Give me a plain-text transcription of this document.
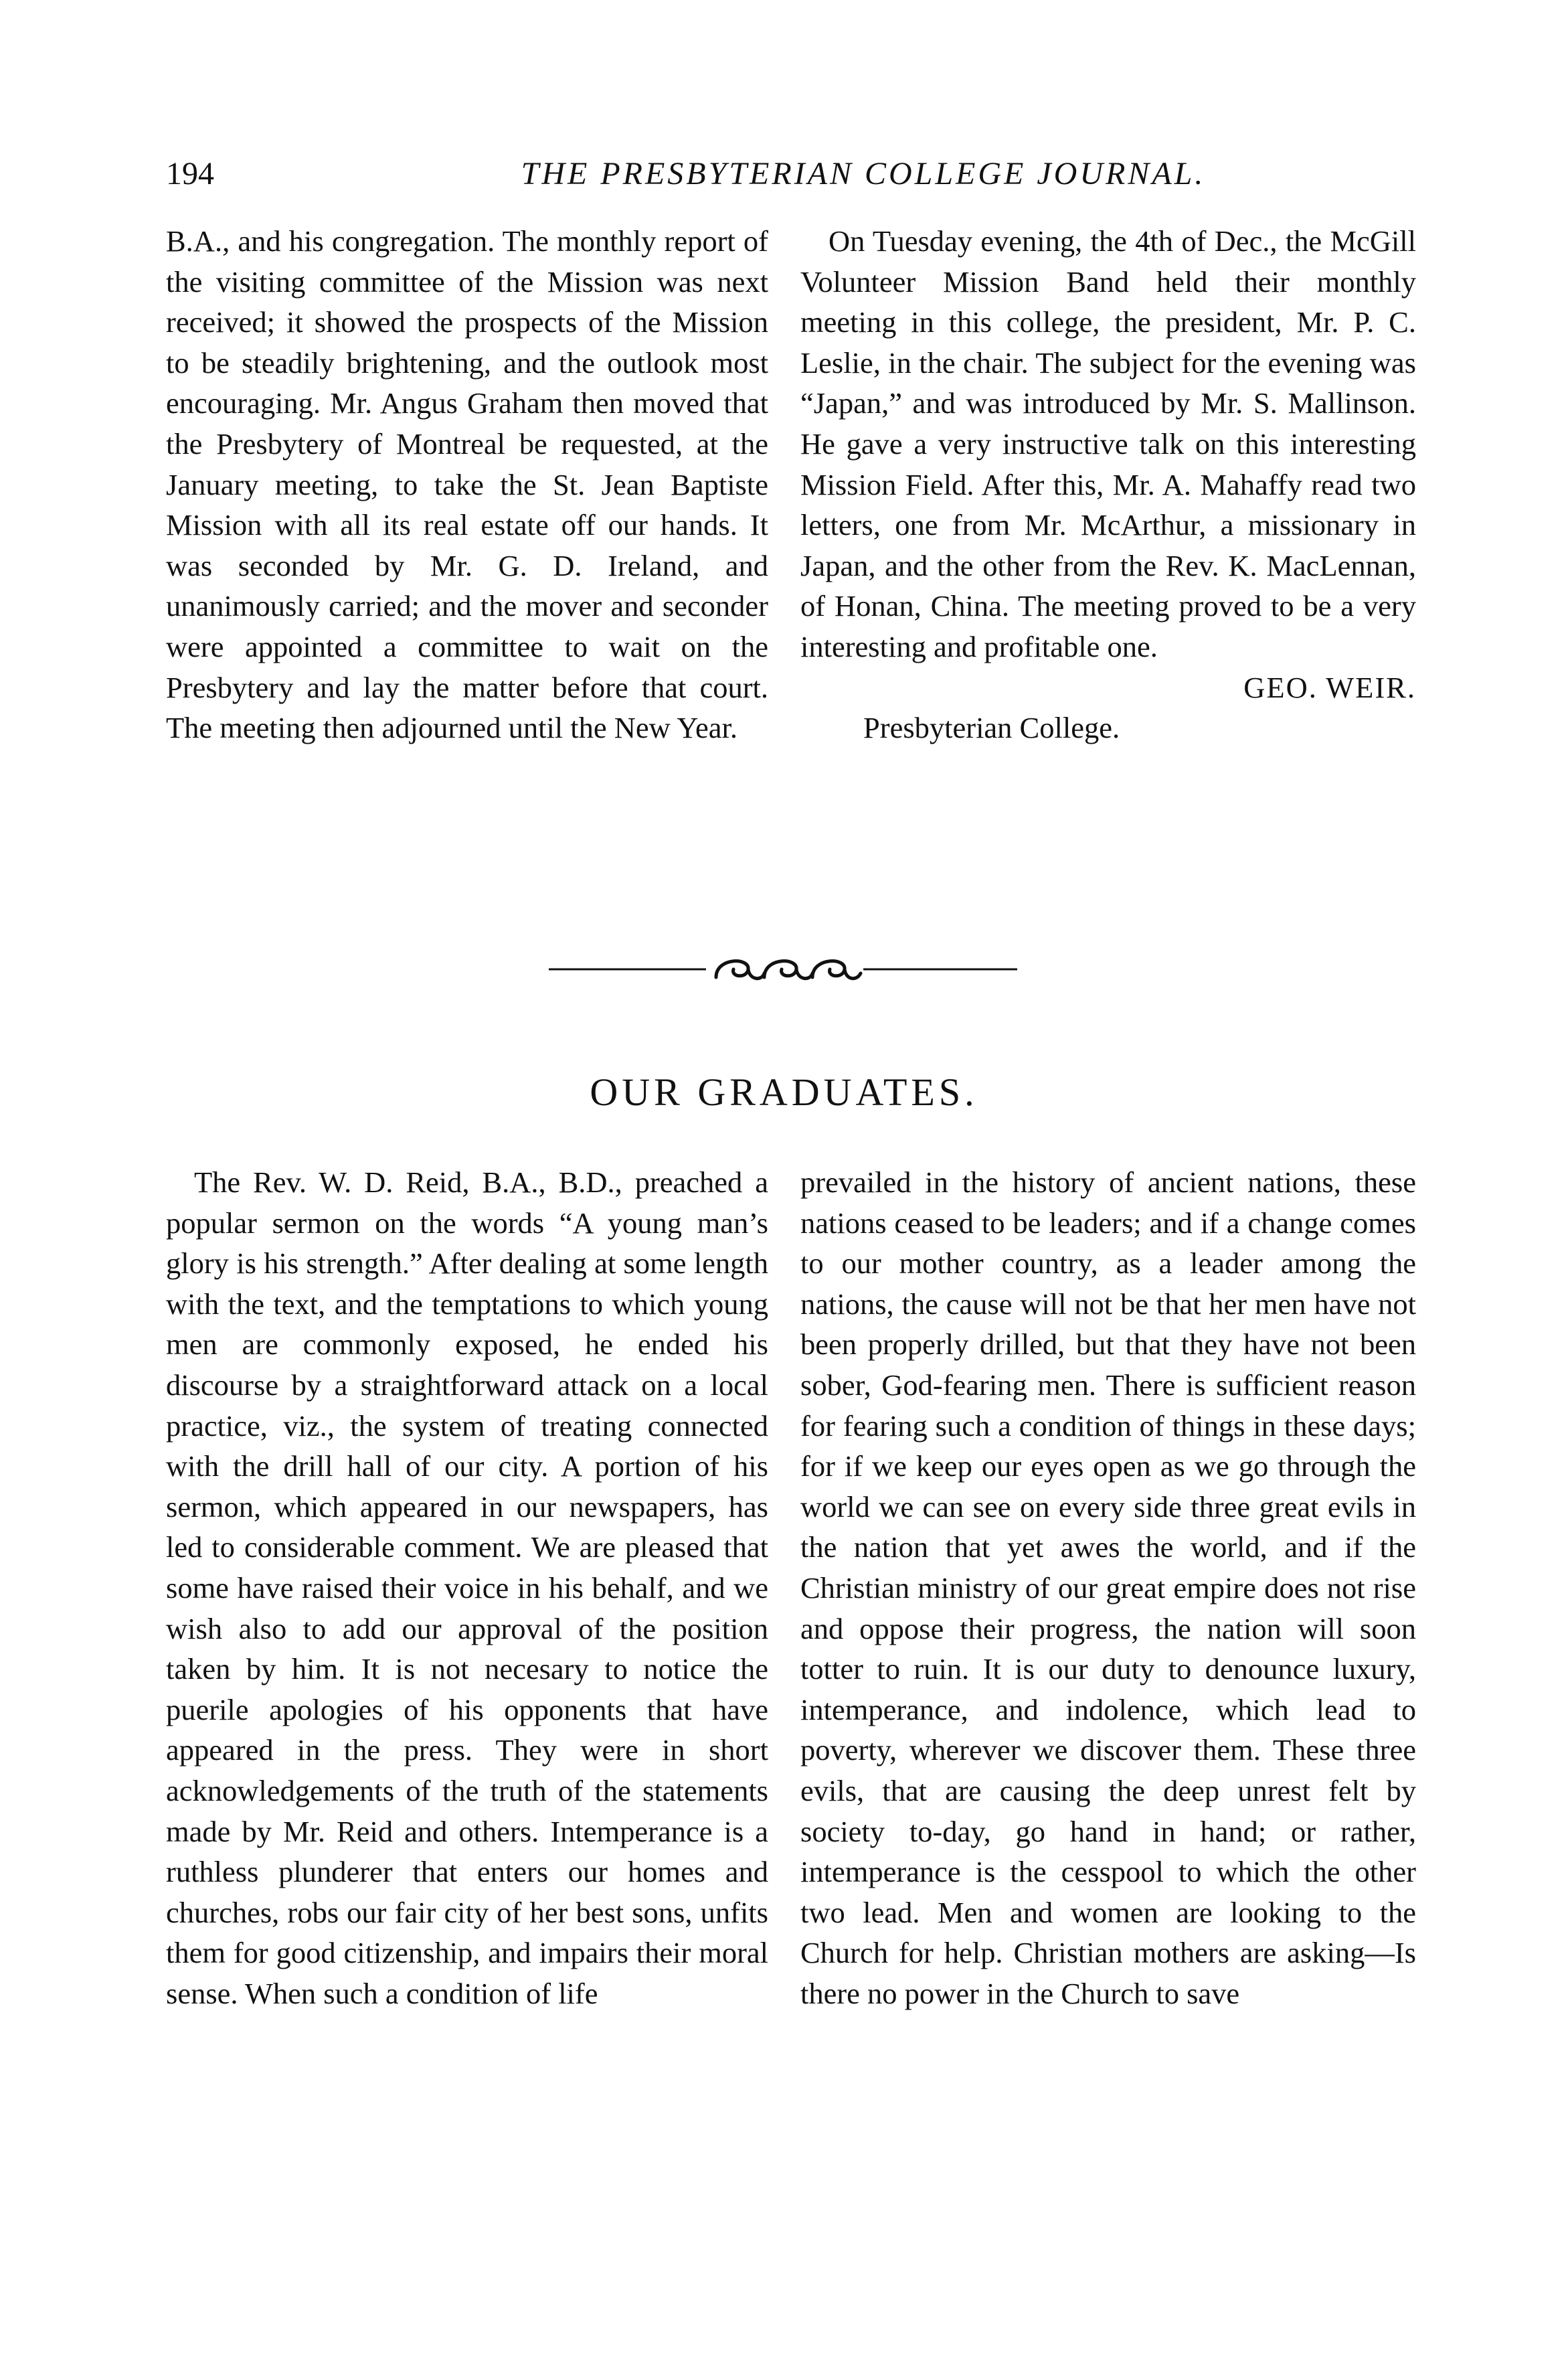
194	THE PRESBYTERIAN COLLEGE JOURNAL.

B.A., and his congregation. The monthly report of the visiting committee of the Mission was next received; it showed the prospects of the Mission to be steadily brightening, and the outlook most encouraging. Mr. Angus Graham then moved that the Presbytery of Montreal be requested, at the January meeting, to take the St. Jean Baptiste Mission with all its real estate off our hands. It was seconded by Mr. G. D. Ireland, and unanimously carried; and the mover and seconder were appointed a committee to wait on the Presbytery and lay the matter before that court. The meeting then adjourned until the New Year.

On Tuesday evening, the 4th of Dec., the McGill Volunteer Mission Band held their monthly meeting in this college, the president, Mr. P. C. Leslie, in the chair. The subject for the evening was “Japan,” and was introduced by Mr. S. Mallinson. He gave a very instructive talk on this interesting Mission Field. After this, Mr. A. Mahaffy read two letters, one from Mr. McArthur, a missionary in Japan, and the other from the Rev. K. MacLennan, of Honan, China. The meeting proved to be a very interesting and profitable one.

GEO. WEIR.

Presbyterian College.

OUR GRADUATES.

The Rev. W. D. Reid, B.A., B.D., preached a popular sermon on the words “A young man’s glory is his strength.” After dealing at some length with the text, and the temptations to which young men are commonly exposed, he ended his discourse by a straightforward attack on a local practice, viz., the system of treating connected with the drill hall of our city. A portion of his sermon, which appeared in our newspapers, has led to considerable comment. We are pleased that some have raised their voice in his behalf, and we wish also to add our approval of the position taken by him. It is not necesary to notice the puerile apologies of his opponents that have appeared in the press. They were in short acknowledgements of the truth of the statements made by Mr. Reid and others. Intemperance is a ruthless plunderer that enters our homes and churches, robs our fair city of her best sons, unfits them for good citizenship, and impairs their moral sense. When such a condition of life

prevailed in the history of ancient nations, these nations ceased to be leaders; and if a change comes to our mother country, as a leader among the nations, the cause will not be that her men have not been properly drilled, but that they have not been sober, God-fearing men. There is sufficient reason for fearing such a condition of things in these days; for if we keep our eyes open as we go through the world we can see on every side three great evils in the nation that yet awes the world, and if the Christian ministry of our great empire does not rise and oppose their progress, the nation will soon totter to ruin. It is our duty to denounce luxury, intemperance, and indolence, which lead to poverty, wherever we discover them. These three evils, that are causing the deep unrest felt by society to-day, go hand in hand; or rather, intemperance is the cesspool to which the other two lead. Men and women are looking to the Church for help. Christian mothers are asking—Is there no power in the Church to save
